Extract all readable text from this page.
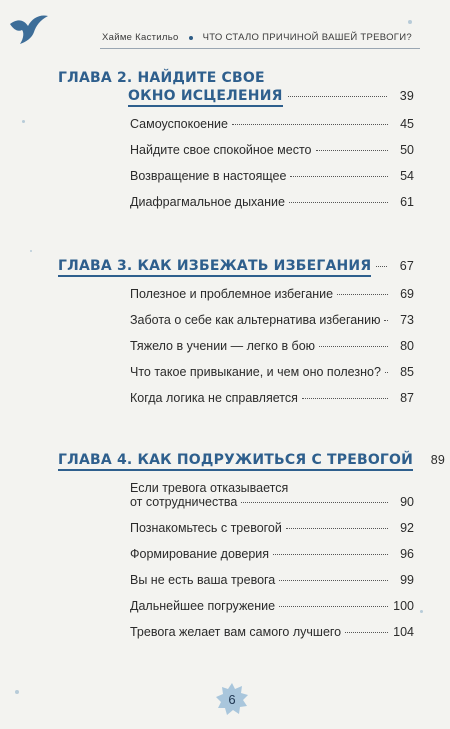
Хайме Кастильо	ЧТО СТАЛО ПРИЧИНОЙ ВАШЕЙ ТРЕВОГИ?
ГЛАВА 2. НАЙДИТЕ СВОЕ
ОКНО ИСЦЕЛЕНИЯ	39
Самоуспокоение	45
Найдите свое спокойное место	50
Возвращение в настоящее	54
Диафрагмальное дыхание	61
ГЛАВА 3. КАК ИЗБЕЖАТЬ ИЗБЕГАНИЯ	67
Полезное и проблемное избегание	69
Забота о себе как альтернатива избеганию	73
Тяжело в учении — легко в бою	80
Что такое привыкание, и чем оно полезно?	85
Когда логика не справляется	87
ГЛАВА 4. КАК ПОДРУЖИТЬСЯ С ТРЕВОГОЙ	89
Если тревога отказывается
от сотрудничества	90
Познакомьтесь с тревогой	92
Формирование доверия	96
Вы не есть ваша тревога	99
Дальнейшее погружение	100
Тревога желает вам самого лучшего	104
6
